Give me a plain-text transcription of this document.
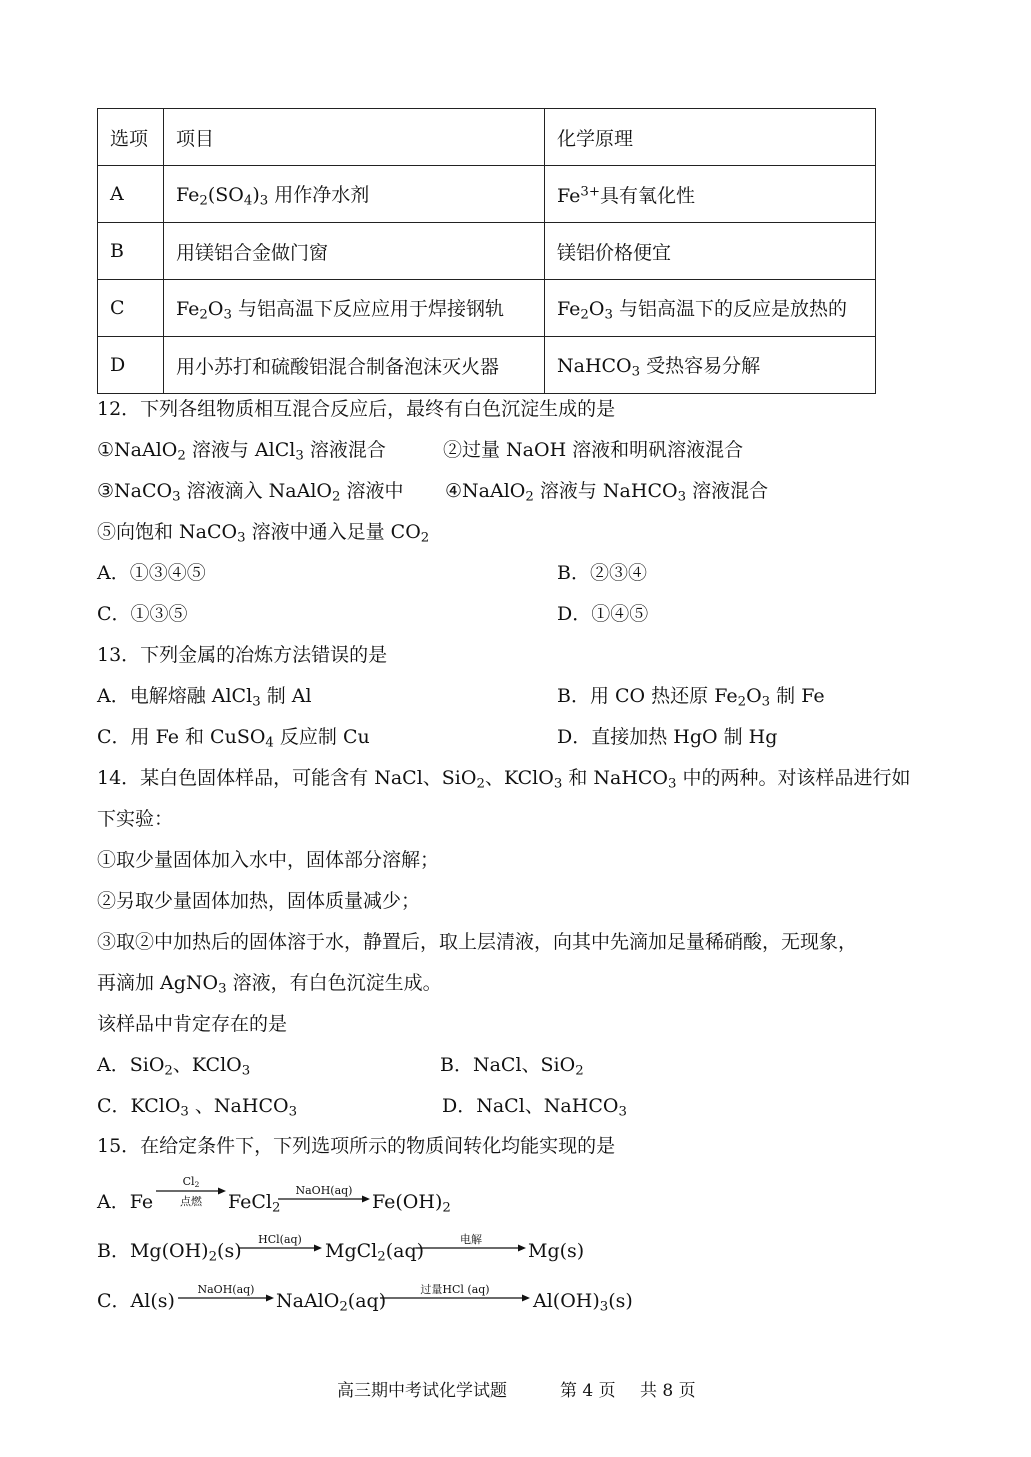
选项	项目	化学原理
A	$Fe_2(SO_4)_3$ 用作净水剂	$Fe^{3+}$具有氧化性
B	用镁铝合金做门窗	镁铝价格便宜
C	$Fe_2O_3$ 与铝高温下反应应用于焊接钢轨	$Fe_2O_3$ 与铝高温下的反应是放热的
D	用小苏打和硫酸铝混合制备泡沫灭火器	NaHCO$_3$ 受热容易分解
12．下列各组物质相互混合反应后，最终有白色沉淀生成的是
①NaAlO$_2$ 溶液与 AlCl$_3$ 溶液混合	②过量 NaOH 溶液和明矾溶液混合
③NaCO$_3$ 溶液滴入 NaAlO$_2$ 溶液中 ④NaAlO$_2$ 溶液与 NaHCO$_3$ 溶液混合
⑤向饱和 NaCO$_3$ 溶液中通入足量 $CO_2$
A．①③④⑤	B．②③④
C．①③⑤	D．①④⑤
13．下列金属的冶炼方法错误的是
A．电解熔融 AlCl$_3$ 制 Al	B．用 CO 热还原 $Fe_2O_3$ 制 Fe
C．用 Fe 和 CuSO$_4$ 反应制 Cu	D．直接加热 HgO 制 Hg
14．某白色固体样品，可能含有 NaCl、SiO$_2$、KClO$_3$ 和 NaHCO$_3$ 中的两种。对该样品进行如
下实验：
①取少量固体加入水中，固体部分溶解；
②另取少量固体加热，固体质量减少；
③取②中加热后的固体溶于水，静置后，取上层清液，向其中先滴加足量稀硝酸，无现象，
再滴加 AgNO$_3$ 溶液，有白色沉淀生成。
该样品中肯定存在的是
A．SiO$_2$、KClO$_3$	B．NaCl、SiO$_2$
C．KClO$_3$ 、NaHCO$_3$	D．NaCl、NaHCO$_3$
15．在给定条件下，下列选项所示的物质间转化均能实现的是
A．Fe
$Cl_2$
点燃	FeCl$_2$
NaOH(aq)
$Fe(OH)_2$
B．$Mg(OH)_2(s)$
HCl(aq)
MgCl$_2$(aq)
电解
Mg(s)
C．Al(s)
NaOH(aq)
NaAlO$_2$(aq)
过量HCl (aq)
$Al(OH)_3(s)$
高三期中考试化学试题	第 4 页 共 8 页
